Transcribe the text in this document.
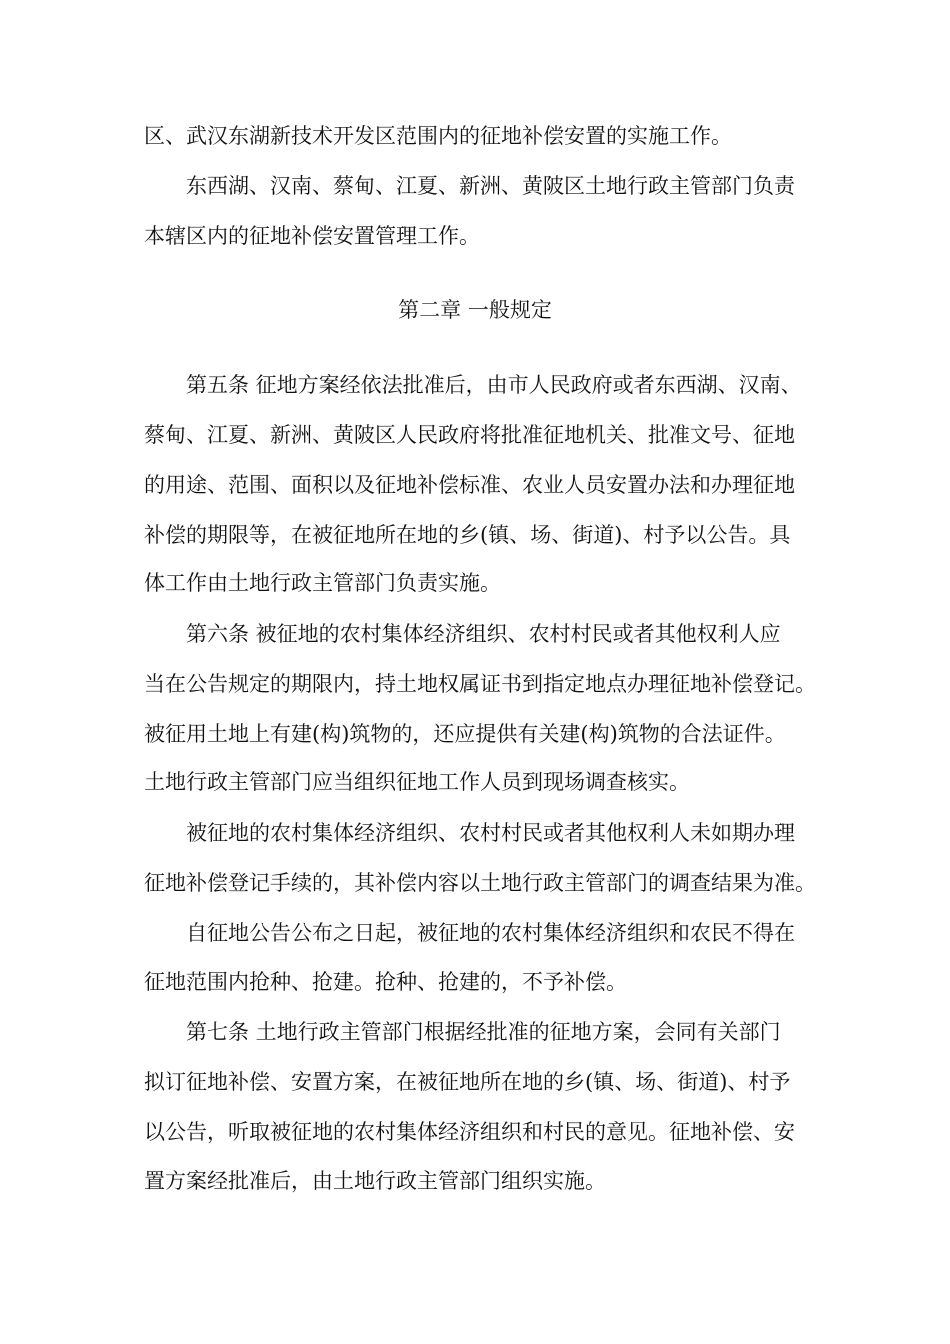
区、武汉东湖新技术开发区范围内的征地补偿安置的实施工作。
东西湖、汉南、蔡甸、江夏、新洲、黄陂区土地行政主管部门负责
本辖区内的征地补偿安置管理工作。
第二章 一般规定
第五条 征地方案经依法批准后，由市人民政府或者东西湖、汉南、
蔡甸、江夏、新洲、黄陂区人民政府将批准征地机关、批准文号、征地
的用途、范围、面积以及征地补偿标准、农业人员安置办法和办理征地
补偿的期限等，在被征地所在地的乡(镇、场、街道)、村予以公告。具
体工作由土地行政主管部门负责实施。
第六条 被征地的农村集体经济组织、农村村民或者其他权利人应
当在公告规定的期限内，持土地权属证书到指定地点办理征地补偿登记。
被征用土地上有建(构)筑物的，还应提供有关建(构)筑物的合法证件。
土地行政主管部门应当组织征地工作人员到现场调查核实。
被征地的农村集体经济组织、农村村民或者其他权利人未如期办理
征地补偿登记手续的，其补偿内容以土地行政主管部门的调查结果为准。
自征地公告公布之日起，被征地的农村集体经济组织和农民不得在
征地范围内抢种、抢建。抢种、抢建的，不予补偿。
第七条 土地行政主管部门根据经批准的征地方案，会同有关部门
拟订征地补偿、安置方案，在被征地所在地的乡(镇、场、街道)、村予
以公告，听取被征地的农村集体经济组织和村民的意见。征地补偿、安
置方案经批准后，由土地行政主管部门组织实施。
